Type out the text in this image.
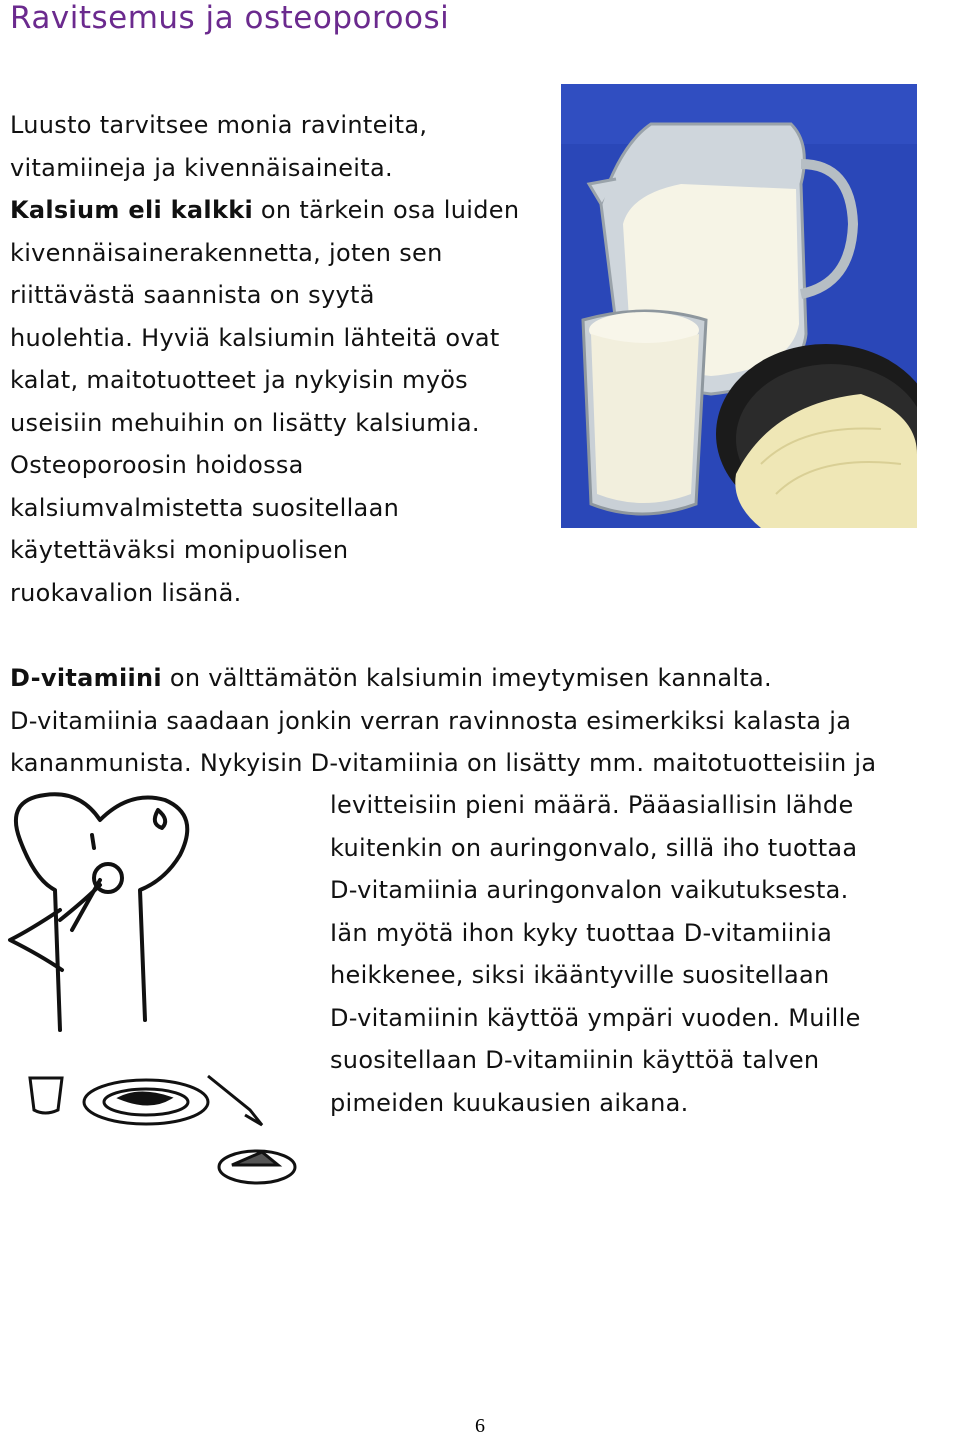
Ravitsemus ja osteoporoosi
Luusto tarvitsee monia ravinteita,
vitamiineja ja kivennäisaineita.
Kalsium eli kalkki on tärkein osa luiden
kivennäisainerakennetta, joten sen
riittävästä saannista on syytä
huolehtia. Hyviä kalsiumin lähteitä ovat
kalat, maitotuotteet ja nykyisin myös
useisiin mehuihin on lisätty kalsiumia.
Osteoporoosin hoidossa
kalsiumvalmistetta suositellaan
käytettäväksi monipuolisen
ruokavalion lisänä.
D-vitamiini on välttämätön kalsiumin imeytymisen kannalta.
D-vitamiinia saadaan jonkin verran ravinnosta esimerkiksi kalasta ja
kananmunista. Nykyisin D-vitamiinia on lisätty mm. maitotuotteisiin ja
levitteisiin pieni määrä. Pääasiallisin lähde
kuitenkin on auringonvalo, sillä iho tuottaa
D-vitamiinia auringonvalon vaikutuksesta.
Iän myötä ihon kyky tuottaa D-vitamiinia
heikkenee, siksi ikääntyville suositellaan
D-vitamiinin käyttöä ympäri vuoden. Muille
suositellaan D-vitamiinin käyttöä talven
pimeiden kuukausien aikana.
6
